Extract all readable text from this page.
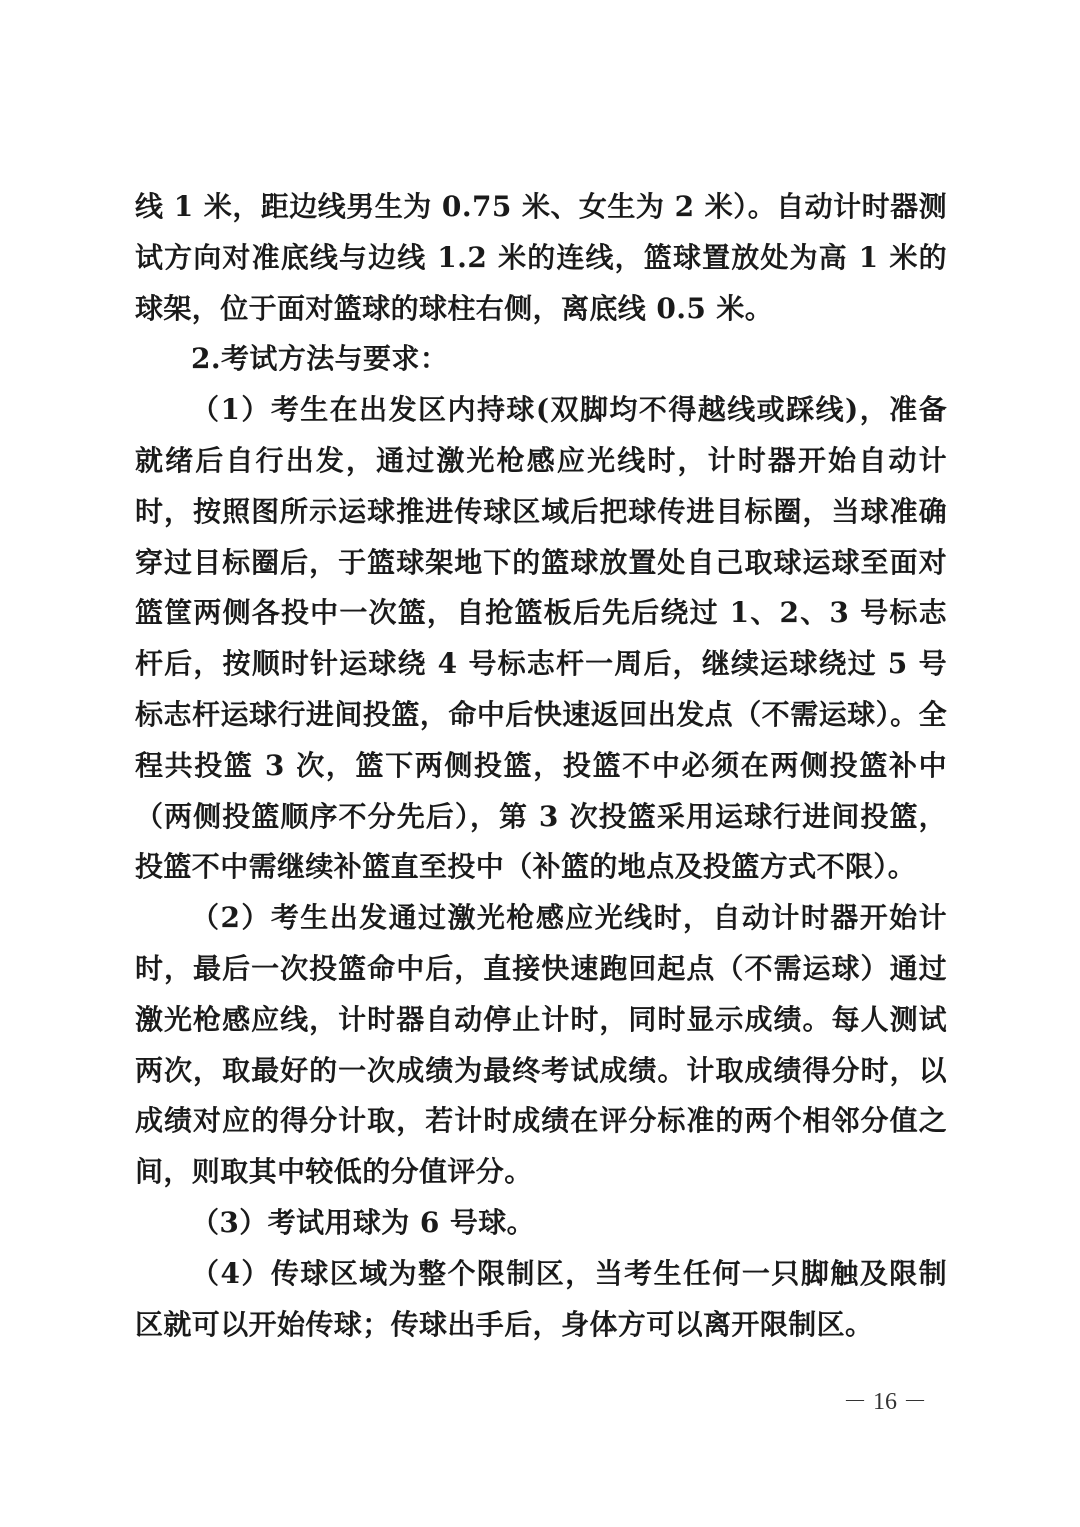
线 1 米，距边线男生为 0.75 米、女生为 2 米）。自动计时器测试方向对准底线与边线 1.2 米的连线，篮球置放处为高 1 米的球架，位于面对篮球的球柱右侧，离底线 0.5 米。

2.考试方法与要求：

（1）考生在出发区内持球(双脚均不得越线或踩线)，准备就绪后自行出发，通过激光枪感应光线时，计时器开始自动计时，按照图所示运球推进传球区域后把球传进目标圈，当球准确穿过目标圈后，于篮球架地下的篮球放置处自己取球运球至面对篮筐两侧各投中一次篮，自抢篮板后先后绕过 1、2、3 号标志杆后，按顺时针运球绕 4 号标志杆一周后，继续运球绕过 5 号标志杆运球行进间投篮，命中后快速返回出发点（不需运球）。全程共投篮 3 次，篮下两侧投篮，投篮不中必须在两侧投篮补中（两侧投篮顺序不分先后），第 3 次投篮采用运球行进间投篮，投篮不中需继续补篮直至投中（补篮的地点及投篮方式不限）。

（2）考生出发通过激光枪感应光线时，自动计时器开始计时，最后一次投篮命中后，直接快速跑回起点（不需运球）通过激光枪感应线，计时器自动停止计时，同时显示成绩。每人测试两次，取最好的一次成绩为最终考试成绩。计取成绩得分时，以成绩对应的得分计取，若计时成绩在评分标准的两个相邻分值之间，则取其中较低的分值评分。

（3）考试用球为 6 号球。

（4）传球区域为整个限制区，当考生任何一只脚触及限制区就可以开始传球；传球出手后，身体方可以离开限制区。

－ 16 －
